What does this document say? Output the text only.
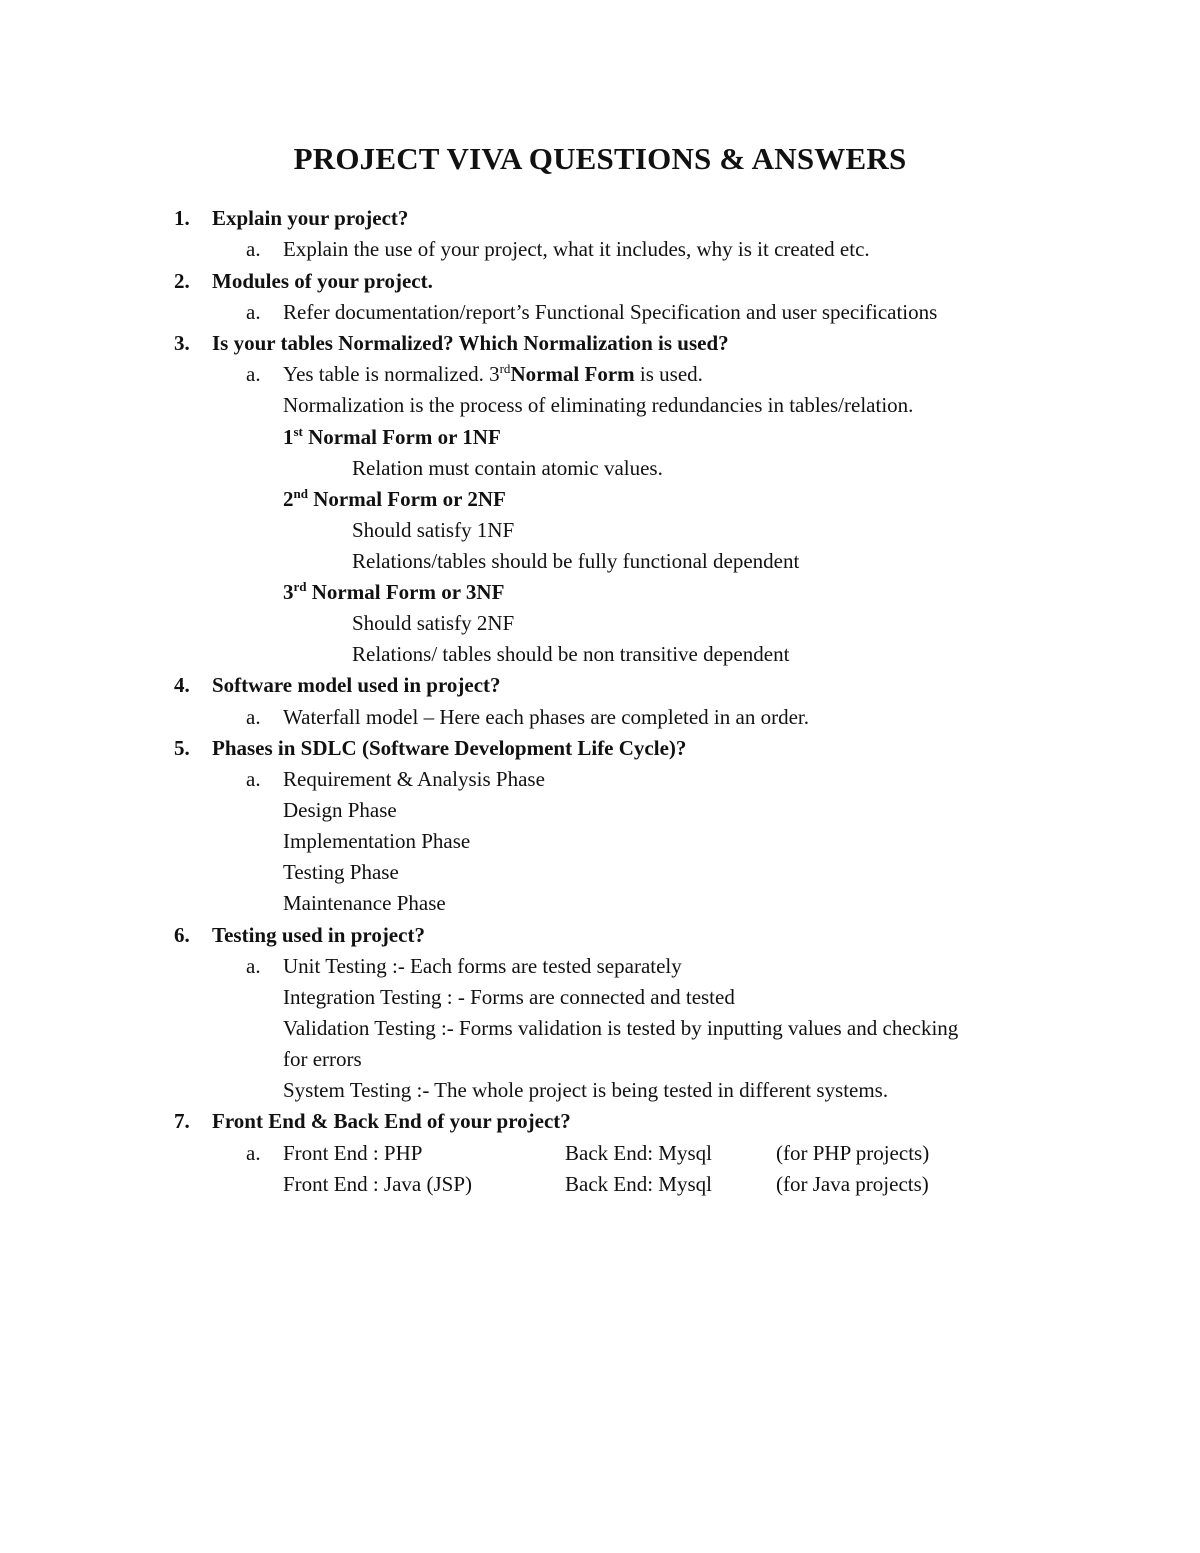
PROJECT VIVA QUESTIONS & ANSWERS
1. Explain your project?
a. Explain the use of your project, what it includes, why is it created etc.
2. Modules of your project.
a. Refer documentation/report’s Functional Specification and user specifications
3. Is your tables Normalized? Which Normalization is used?
a. Yes table is normalized. 3rdNormal Form is used.
Normalization is the process of eliminating redundancies in tables/relation.
1st Normal Form or 1NF
Relation must contain atomic values.
2nd Normal Form or 2NF
Should satisfy 1NF
Relations/tables should be fully functional dependent
3rd Normal Form or 3NF
Should satisfy 2NF
Relations/ tables should be non transitive dependent
4. Software model used in project?
a. Waterfall model – Here each phases are completed in an order.
5. Phases in SDLC (Software Development Life Cycle)?
a. Requirement & Analysis Phase
Design Phase
Implementation Phase
Testing Phase
Maintenance Phase
6. Testing used in project?
a. Unit Testing :- Each forms are tested separately
Integration Testing : - Forms are connected and tested
Validation Testing :- Forms validation is tested by inputting values and checking
for errors
System Testing :- The whole project is being tested in different systems.
7. Front End & Back End of your project?
a. Front End : PHP	Back End: Mysql	(for PHP projects)
Front End : Java (JSP)	Back End: Mysql	(for Java projects)
